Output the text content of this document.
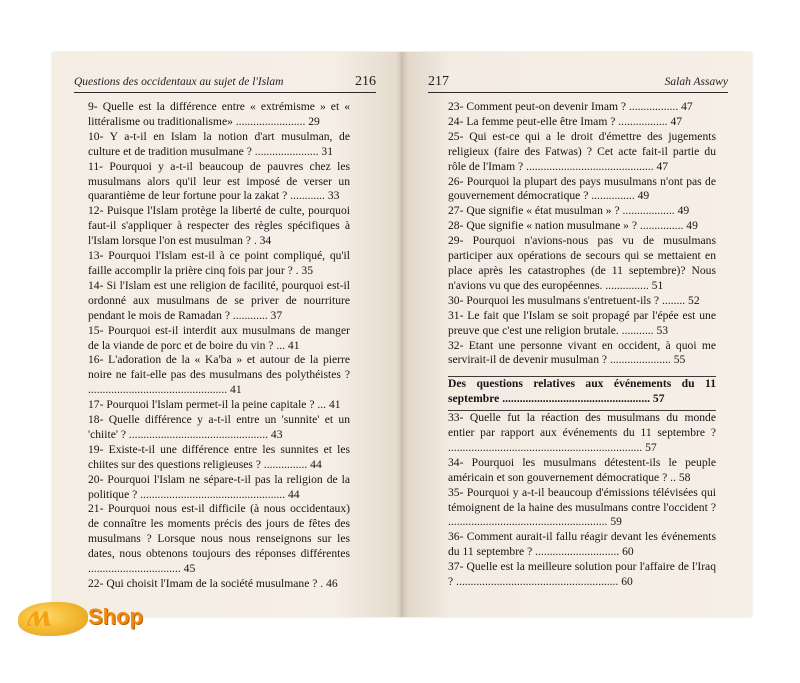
Questions des occidentaux au sujet de l'Islam	216

9- Quelle est la différence entre « extrémisme » et « littéralisme ou traditionalisme» ........................ 29

10- Y a-t-il en Islam la notion d'art musulman, de culture et de tradition musulmane ? ...................... 31

11- Pourquoi y a-t-il beaucoup de pauvres chez les musulmans alors qu'il leur est imposé de verser un quarantième de leur fortune pour la zakat ? ............ 33

12- Puisque l'Islam protège la liberté de culte, pourquoi faut-il s'appliquer à respecter des règles spécifiques à l'Islam lorsque l'on est musulman ? . 34

13- Pourquoi l'Islam est-il à ce point compliqué, qu'il faille accomplir la prière cinq fois par jour ? . 35

14- Si l'Islam est une religion de facilité, pourquoi est-il ordonné aux musulmans de se priver de nourriture pendant le mois de Ramadan ? ............ 37

15- Pourquoi est-il interdit aux musulmans de manger de la viande de porc et de boire du vin ? ... 41

16- L'adoration de la « Ka'ba » et autour de la pierre noire ne fait-elle pas des musulmans des polythéistes ? ................................................ 41

17- Pourquoi l'Islam permet-il la peine capitale ? ... 41

18- Quelle différence y a-t-il entre un 'sunnite' et un 'chiite' ? ................................................ 43

19- Existe-t-il une différence entre les sunnites et les chiites sur des questions religieuses ? ............... 44

20- Pourquoi l'Islam ne sépare-t-il pas la religion de la politique ? .................................................. 44

21- Pourquoi nous est-il difficile (à nous occidentaux) de connaître les moments précis des jours de fêtes des musulmans ? Lorsque nous nous renseignons sur les dates, nous obtenons toujours des réponses différentes ................................ 45

22- Qui choisit l'Imam de la société musulmane ? . 46

217	Salah Assawy

23- Comment peut-on devenir Imam ? ................. 47

24- La femme peut-elle être Imam ? ................. 47

25- Qui est-ce qui a le droit d'émettre des jugements religieux (faire des Fatwas) ? Cet acte fait-il partie du rôle de l'Imam ? ............................................ 47

26- Pourquoi la plupart des pays musulmans n'ont pas de gouvernement démocratique ? ............... 49

27- Que signifie « état musulman » ? .................. 49

28- Que signifie « nation musulmane » ? ............... 49

29- Pourquoi n'avions-nous pas vu de musulmans participer aux opérations de secours qui se mettaient en place après les catastrophes (de 11 septembre)? Nous n'avions vu que des européennes. ............... 51

30- Pourquoi les musulmans s'entretuent-ils ? ........ 52

31- Le fait que l'Islam se soit propagé par l'épée est une preuve que c'est une religion brutale. ........... 53

32- Etant une personne vivant en occident, à quoi me servirait-il de devenir musulman ? ..................... 55

Des questions relatives aux événements du 11 septembre ................................................... 57

33- Quelle fut la réaction des musulmans du monde entier par rapport aux événements du 11 septembre ? ................................................................... 57

34- Pourquoi les musulmans détestent-ils le peuple américain et son gouvernement démocratique ? .. 58

35- Pourquoi y a-t-il beaucoup d'émissions télévisées qui témoignent de la haine des musulmans contre l'occident ? ....................................................... 59

36- Comment aurait-il fallu réagir devant les événements du 11 septembre ? ............................. 60

37- Quelle est la meilleure solution pour l'affaire de l'Iraq ? ........................................................ 60

ʍ Shop
